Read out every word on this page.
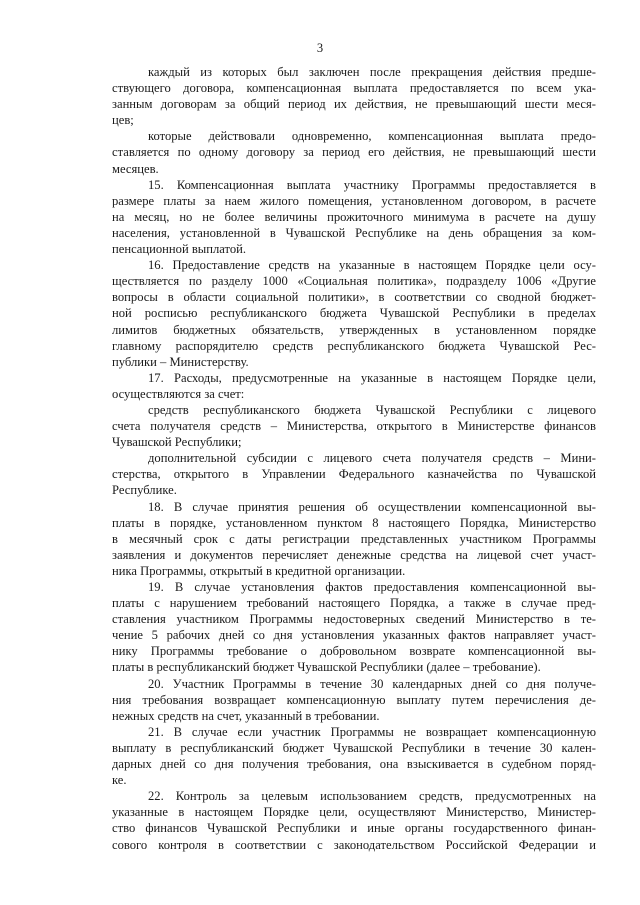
3
каждый из которых был заключен после прекращения действия предше-
ствующего договора, компенсационная выплата предоставляется по всем ука-
занным договорам за общий период их действия, не превышающий шести меся-
цев;
которые действовали одновременно, компенсационная выплата предо-
ставляется по одному договору за период его действия, не превышающий шести
месяцев.
15. Компенсационная выплата участнику Программы предоставляется в
размере платы за наем жилого помещения, установленном договором, в расчете
на месяц, но не более величины прожиточного минимума в расчете на душу
населения, установленной в Чувашской Республике на день обращения за ком-
пенсационной выплатой.
16. Предоставление средств на указанные в настоящем Порядке цели осу-
ществляется по разделу 1000 «Социальная политика», подразделу 1006 «Другие
вопросы в области социальной политики», в соответствии со сводной бюджет-
ной росписью республиканского бюджета Чувашской Республики в пределах
лимитов бюджетных обязательств, утвержденных в установленном порядке
главному распорядителю средств республиканского бюджета Чувашской Рес-
публики – Министерству.
17. Расходы, предусмотренные на указанные в настоящем Порядке цели,
осуществляются за счет:
средств республиканского бюджета Чувашской Республики с лицевого
счета получателя средств – Министерства, открытого в Министерстве финансов
Чувашской Республики;
дополнительной субсидии с лицевого счета получателя средств – Мини-
стерства, открытого в Управлении Федерального казначейства по Чувашской
Республике.
18. В случае принятия решения об осуществлении компенсационной вы-
платы в порядке, установленном пунктом 8 настоящего Порядка, Министерство
в месячный срок с даты регистрации представленных участником Программы
заявления и документов перечисляет денежные средства на лицевой счет участ-
ника Программы, открытый в кредитной организации.
19. В случае установления фактов предоставления компенсационной вы-
платы с нарушением требований настоящего Порядка, а также в случае пред-
ставления участником Программы недостоверных сведений Министерство в те-
чение 5 рабочих дней со дня установления указанных фактов направляет участ-
нику Программы требование о добровольном возврате компенсационной вы-
платы в республиканский бюджет Чувашской Республики (далее – требование).
20. Участник Программы в течение 30 календарных дней со дня получе-
ния требования возвращает компенсационную выплату путем перечисления де-
нежных средств на счет, указанный в требовании.
21. В случае если участник Программы не возвращает компенсационную
выплату в республиканский бюджет Чувашской Республики в течение 30 кален-
дарных дней со дня получения требования, она взыскивается в судебном поряд-
ке.
22. Контроль за целевым использованием средств, предусмотренных на
указанные в настоящем Порядке цели, осуществляют Министерство, Министер-
ство финансов Чувашской Республики и иные органы государственного финан-
сового контроля в соответствии с законодательством Российской Федерации и
